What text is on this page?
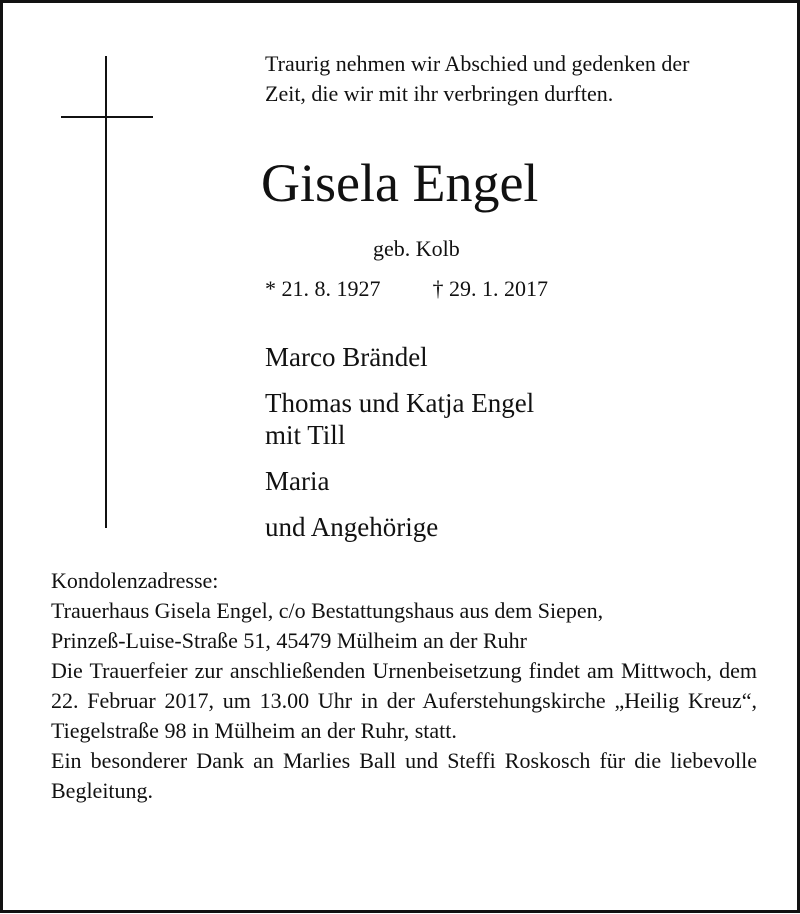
Traurig nehmen wir Abschied und gedenken der
Zeit, die wir mit ihr verbringen durften.
Gisela Engel
geb. Kolb
* 21. 8. 1927 † 29. 1. 2017
Marco Brändel
Thomas und Katja Engel
mit Till
Maria
und Angehörige

Kondolenzadresse:

Trauerhaus Gisela Engel, c/o Bestattungshaus aus dem Siepen,

Prinzeß-Luise-Straße 51, 45479 Mülheim an der Ruhr

Die Trauerfeier zur anschließenden Urnenbeisetzung findet am Mittwoch, dem 22. Februar 2017, um 13.00 Uhr in der Auferstehungskirche „Heilig Kreuz“, Tiegelstraße 98 in Mülheim an der Ruhr, statt.

Ein besonderer Dank an Marlies Ball und Steffi Roskosch für die liebevolle Begleitung.
